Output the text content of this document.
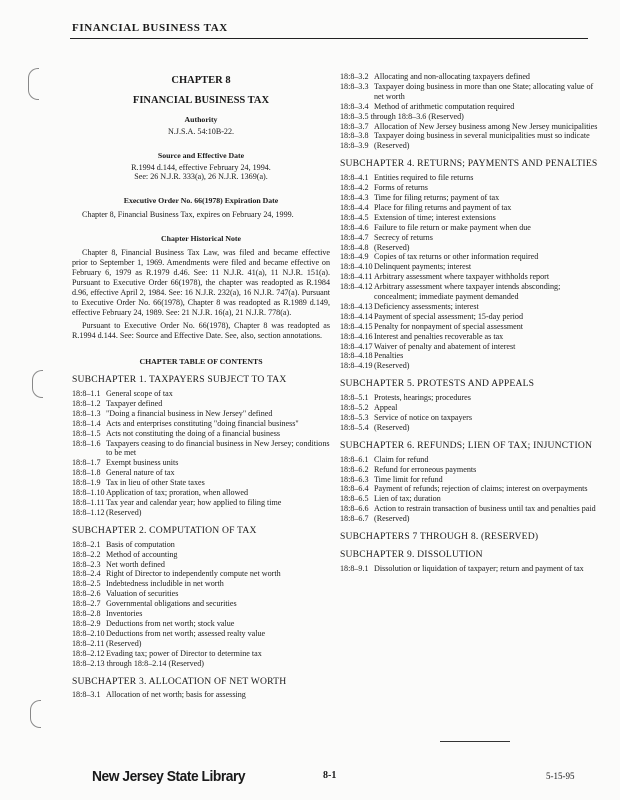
FINANCIAL BUSINESS TAX
CHAPTER 8
FINANCIAL BUSINESS TAX
Authority
N.J.S.A. 54:10B-22.
Source and Effective Date
R.1994 d.144, effective February 24, 1994.
See: 26 N.J.R. 333(a), 26 N.J.R. 1369(a).
Executive Order No. 66(1978) Expiration Date
Chapter 8, Financial Business Tax, expires on February 24, 1999.
Chapter Historical Note
Chapter 8, Financial Business Tax Law, was filed and became effective prior to September 1, 1969. Amendments were filed and became effective on February 6, 1979 as R.1979 d.46. See: 11 N.J.R. 41(a), 11 N.J.R. 151(a). Pursuant to Executive Order 66(1978), the chapter was readopted as R.1984 d.96, effective April 2, 1984. See: 16 N.J.R. 232(a), 16 N.J.R. 747(a). Pursuant to Executive Order No. 66(1978), Chapter 8 was readopted as R.1989 d.149, effective February 24, 1989. See: 21 N.J.R. 16(a), 21 N.J.R. 778(a).
Pursuant to Executive Order No. 66(1978), Chapter 8 was readopted as R.1994 d.144. See: Source and Effective Date. See, also, section annotations.
CHAPTER TABLE OF CONTENTS
SUBCHAPTER 1. TAXPAYERS SUBJECT TO TAX
18:8–1.1 General scope of tax
18:8–1.2 Taxpayer defined
18:8–1.3 "Doing a financial business in New Jersey" defined
18:8–1.4 Acts and enterprises constituting "doing financial business"
18:8–1.5 Acts not constituting the doing of a financial business
18:8–1.6 Taxpayers ceasing to do financial business in New Jersey; conditions to be met
18:8–1.7 Exempt business units
18:8–1.8 General nature of tax
18:8–1.9 Tax in lieu of other State taxes
18:8–1.10 Application of tax; proration, when allowed
18:8–1.11 Tax year and calendar year; how applied to filing time
18:8–1.12 (Reserved)
SUBCHAPTER 2. COMPUTATION OF TAX
18:8–2.1 Basis of computation
18:8–2.2 Method of accounting
18:8–2.3 Net worth defined
18:8–2.4 Right of Director to independently compute net worth
18:8–2.5 Indebtedness includible in net worth
18:8–2.6 Valuation of securities
18:8–2.7 Governmental obligations and securities
18:8–2.8 Inventories
18:8–2.9 Deductions from net worth; stock value
18:8–2.10 Deductions from net worth; assessed realty value
18:8–2.11 (Reserved)
18:8–2.12 Evading tax; power of Director to determine tax
18:8–2.13 through 18:8–2.14 (Reserved)
SUBCHAPTER 3. ALLOCATION OF NET WORTH
18:8–3.1 Allocation of net worth; basis for assessing
18:8–3.2 Allocating and non-allocating taxpayers defined
18:8–3.3 Taxpayer doing business in more than one State; allocating value of net worth
18:8–3.4 Method of arithmetic computation required
18:8–3.5 through 18:8–3.6 (Reserved)
18:8–3.7 Allocation of New Jersey business among New Jersey municipalities
18:8–3.8 Taxpayer doing business in several municipalities must so indicate
18:8–3.9 (Reserved)
SUBCHAPTER 4. RETURNS; PAYMENTS AND PENALTIES
18:8–4.1 Entities required to file returns
18:8–4.2 Forms of returns
18:8–4.3 Time for filing returns; payment of tax
18:8–4.4 Place for filing returns and payment of tax
18:8–4.5 Extension of time; interest extensions
18:8–4.6 Failure to file return or make payment when due
18:8–4.7 Secrecy of returns
18:8–4.8 (Reserved)
18:8–4.9 Copies of tax returns or other information required
18:8–4.10 Delinquent payments; interest
18:8–4.11 Arbitrary assessment where taxpayer withholds report
18:8–4.12 Arbitrary assessment where taxpayer intends absconding; concealment; immediate payment demanded
18:8–4.13 Deficiency assessments; interest
18:8–4.14 Payment of special assessment; 15-day period
18:8–4.15 Penalty for nonpayment of special assessment
18:8–4.16 Interest and penalties recoverable as tax
18:8–4.17 Waiver of penalty and abatement of interest
18:8–4.18 Penalties
18:8–4.19 (Reserved)
SUBCHAPTER 5. PROTESTS AND APPEALS
18:8–5.1 Protests, hearings; procedures
18:8–5.2 Appeal
18:8–5.3 Service of notice on taxpayers
18:8–5.4 (Reserved)
SUBCHAPTER 6. REFUNDS; LIEN OF TAX; INJUNCTION
18:8–6.1 Claim for refund
18:8–6.2 Refund for erroneous payments
18:8–6.3 Time limit for refund
18:8–6.4 Payment of refunds; rejection of claims; interest on overpayments
18:8–6.5 Lien of tax; duration
18:8–6.6 Action to restrain transaction of business until tax and penalties paid
18:8–6.7 (Reserved)
SUBCHAPTERS 7 THROUGH 8. (RESERVED)
SUBCHAPTER 9. DISSOLUTION
18:8–9.1 Dissolution or liquidation of taxpayer; return and payment of tax
New Jersey State Library	8-1	5-15-95
